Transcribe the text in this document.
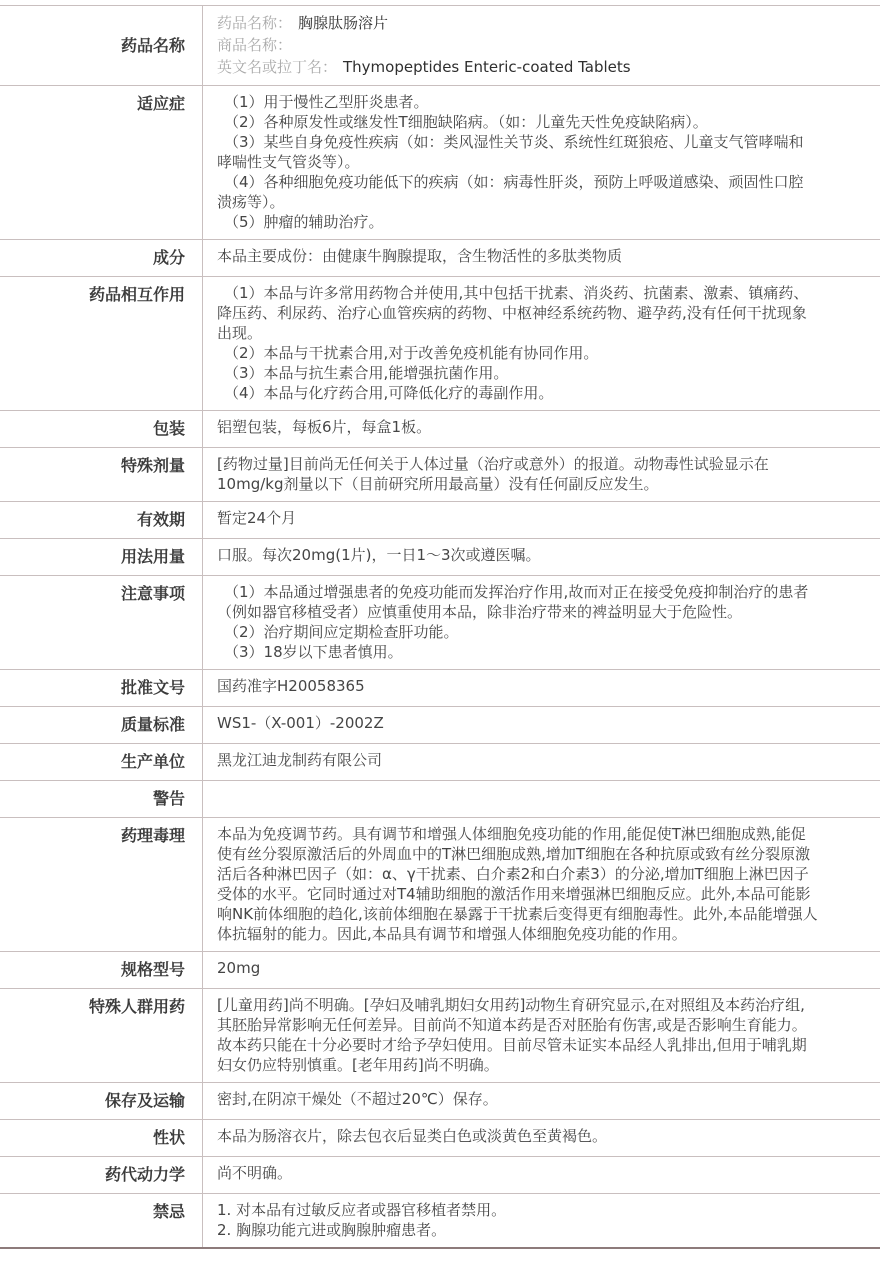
药品名称
药品名称： 胸腺肽肠溶片
商品名称：
英文名或拉丁名： Thymopeptides Enteric-coated Tablets
适应症	（1）用于慢性乙型肝炎患者。
（2）各种原发性或继发性T细胞缺陷病。（如：儿童先天性免疫缺陷病）。
（3）某些自身免疫性疾病（如：类风湿性关节炎、系统性红斑狼疮、儿童支气管哮喘和哮喘性支气管炎等）。
（4）各种细胞免疫功能低下的疾病（如：病毒性肝炎，预防上呼吸道感染、顽固性口腔溃疡等）。
（5）肿瘤的辅助治疗。
成分	本品主要成份：由健康牛胸腺提取，含生物活性的多肽类物质
药品相互作用	（1）本品与许多常用药物合并使用,其中包括干扰素、消炎药、抗菌素、激素、镇痛药、降压药、利尿药、治疗心血管疾病的药物、中枢神经系统药物、避孕药,没有任何干扰现象出现。
（2）本品与干扰素合用,对于改善免疫机能有协同作用。
（3）本品与抗生素合用,能增强抗菌作用。
（4）本品与化疗药合用,可降低化疗的毒副作用。
包装	铝塑包装，每板6片，每盒1板。
特殊剂量	[药物过量]目前尚无任何关于人体过量（治疗或意外）的报道。动物毒性试验显示在10mg/kg剂量以下（目前研究所用最高量）没有任何副反应发生。
有效期	暂定24个月
用法用量	口服。每次20mg(1片)，一日1～3次或遵医嘱。
注意事项	（1）本品通过增强患者的免疫功能而发挥治疗作用,故而对正在接受免疫抑制治疗的患者（例如器官移植受者）应慎重使用本品，除非治疗带来的裨益明显大于危险性。
（2）治疗期间应定期检查肝功能。
（3）18岁以下患者慎用。
批准文号	国药准字H20058365
质量标准	WS1-（X-001）-2002Z
生产单位	黑龙江迪龙制药有限公司
警告
药理毒理	本品为免疫调节药。具有调节和增强人体细胞免疫功能的作用,能促使T淋巴细胞成熟,能促使有丝分裂原激活后的外周血中的T淋巴细胞成熟,增加T细胞在各种抗原或致有丝分裂原激活后各种淋巴因子（如：α、γ干扰素、白介素2和白介素3）的分泌,增加T细胞上淋巴因子受体的水平。它同时通过对T4辅助细胞的激活作用来增强淋巴细胞反应。此外,本品可能影响NK前体细胞的趋化,该前体细胞在暴露于干扰素后变得更有细胞毒性。此外,本品能增强人体抗辐射的能力。因此,本品具有调节和增强人体细胞免疫功能的作用。
规格型号	20mg
特殊人群用药	[儿童用药]尚不明确。[孕妇及哺乳期妇女用药]动物生育研究显示,在对照组及本药治疗组,其胚胎异常影响无任何差异。目前尚不知道本药是否对胚胎有伤害,或是否影响生育能力。故本药只能在十分必要时才给予孕妇使用。目前尽管未证实本品经人乳排出,但用于哺乳期妇女仍应特别慎重。[老年用药]尚不明确。
保存及运输	密封,在阴凉干燥处（不超过20℃）保存。
性状	本品为肠溶衣片，除去包衣后显类白色或淡黄色至黄褐色。
药代动力学	尚不明确。
禁忌	1. 对本品有过敏反应者或器官移植者禁用。
2. 胸腺功能亢进或胸腺肿瘤患者。
